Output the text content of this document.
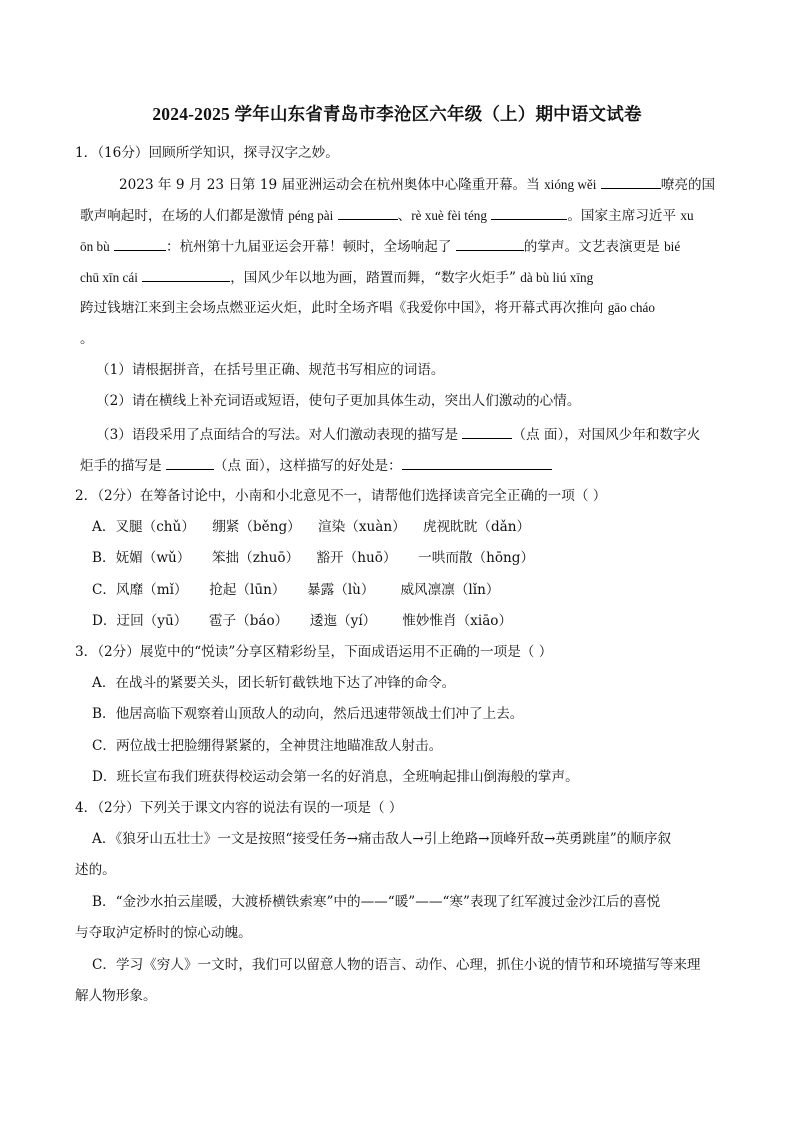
2024-2025 学年山东省青岛市李沧区六年级（上）期中语文试卷
1．（16分）回顾所学知识，探寻汉字之妙。
2023 年 9 月 23 日第 19 届亚洲运动会在杭州奥体中心隆重开幕。当 xióng wěi	嘹亮的国
歌声响起时，在场的人们都是激情 péng pài	、rè xuè fèi téng	。国家主席习近平 xu
ōn bù	：杭州第十九届亚运会开幕！顿时，全场响起了	的掌声。文艺表演更是 bié
chū xīn cái	，国风少年以地为画，踏置而舞，“数字火炬手” dà bù liú xīng
跨过钱塘江来到主会场点燃亚运火炬，此时全场齐唱《我爱你中国》，将开幕式再次推向 gāo cháo
。
（1）请根据拼音，在括号里正确、规范书写相应的词语。
（2）请在横线上补充词语或短语，使句子更加具体生动，突出人们激动的心情。
（3）语段采用了点面结合的写法。对人们激动表现的描写是	（点 面），对国风少年和数字火
炬手的描写是	（点 面），这样描写的好处是：
2．（2分）在筹备讨论中，小南和小北意见不一，请帮他们选择读音完全正确的一项（ ）
A．叉腿（chǔ）    绷紧（běng）    渲染（xuàn）    虎视眈眈（dǎn）
B．妩媚（wǔ）     笨拙（zhuō）    豁开（huō）     一哄而散（hōng）
C．风靡（mǐ）     抢起（lūn）     暴露（lù）      威风凛凛（lǐn）
D．迂回（yū）     雹子（báo）     逶迤（yí）      惟妙惟肖（xiāo）
3．（2分）展览中的“悦读”分享区精彩纷呈，下面成语运用不正确的一项是（ ）
A．在战斗的紧要关头，团长斩钉截铁地下达了冲锋的命令。
B．他居高临下观察着山顶敌人的动向，然后迅速带领战士们冲了上去。
C．两位战士把脸绷得紧紧的，全神贯注地瞄准敌人射击。
D．班长宣布我们班获得校运动会第一名的好消息，全班响起排山倒海般的掌声。
4．（2分）下列关于课文内容的说法有误的一项是（ ）
A．《狼牙山五壮士》一文是按照“接受任务→痛击敌人→引上绝路→顶峰歼敌→英勇跳崖”的顺序叙
述的。
B．“金沙水拍云崖暖，大渡桥横铁索寒”中的——“暖”——“寒”表现了红军渡过金沙江后的喜悦
与夺取泸定桥时的惊心动魄。
C．学习《穷人》一文时，我们可以留意人物的语言、动作、心理，抓住小说的情节和环境描写等来理
解人物形象。
